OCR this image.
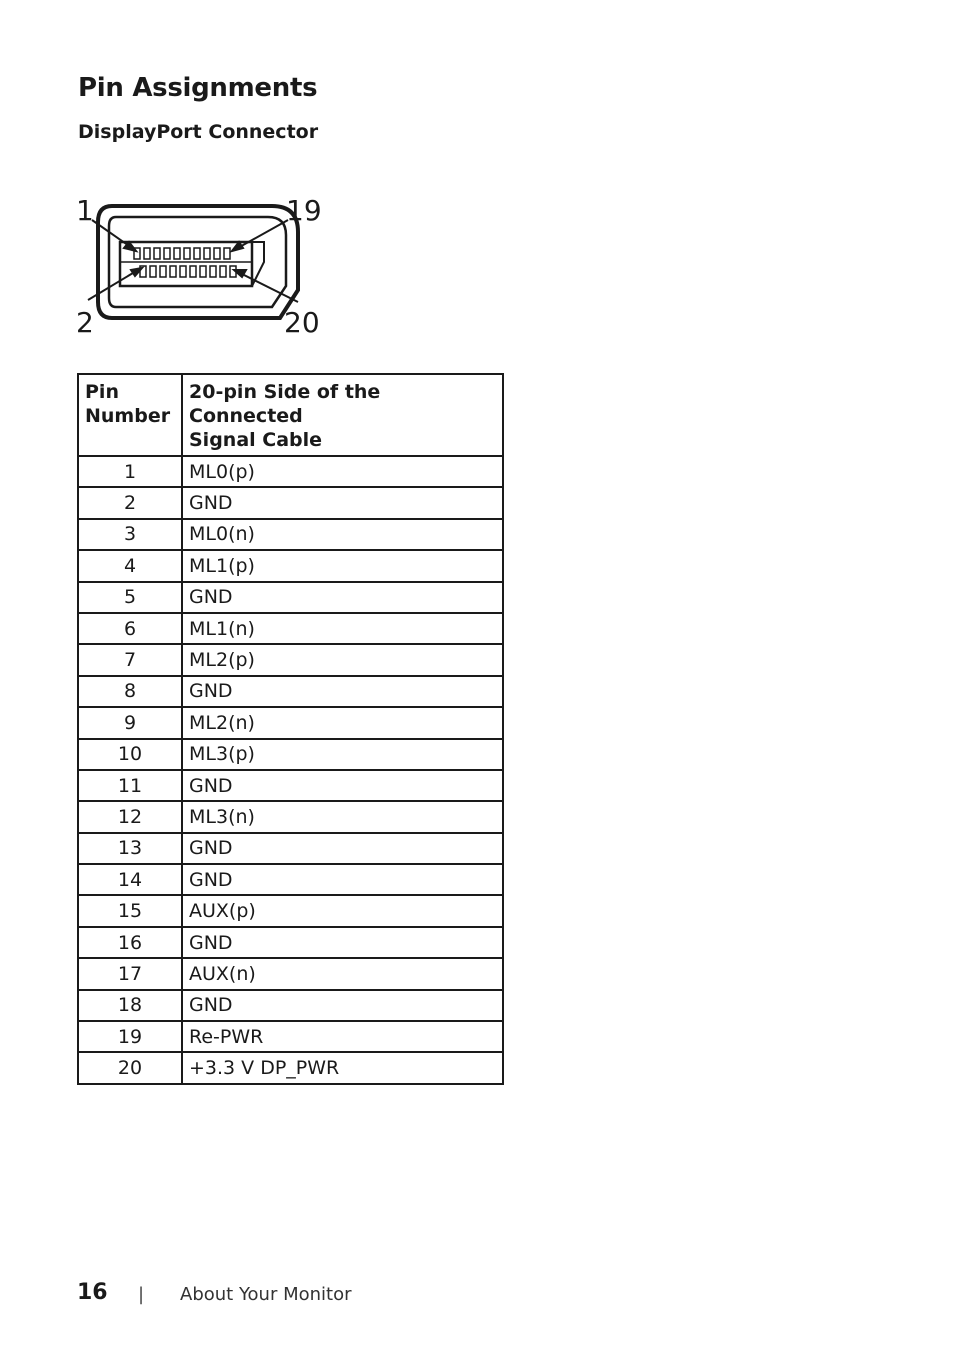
Pin Assignments
DisplayPort Connector
1	19
2	20
Pin
Number	20-pin Side of the Connected
Signal Cable
1	ML0(p)
2	GND
3	ML0(n)
4	ML1(p)
5	GND
6	ML1(n)
7	ML2(p)
8	GND
9	ML2(n)
10	ML3(p)
11	GND
12	ML3(n)
13	GND
14	GND
15	AUX(p)
16	GND
17	AUX(n)
18	GND
19	Re-PWR
20	+3.3 V DP_PWR
16 | About Your Monitor
